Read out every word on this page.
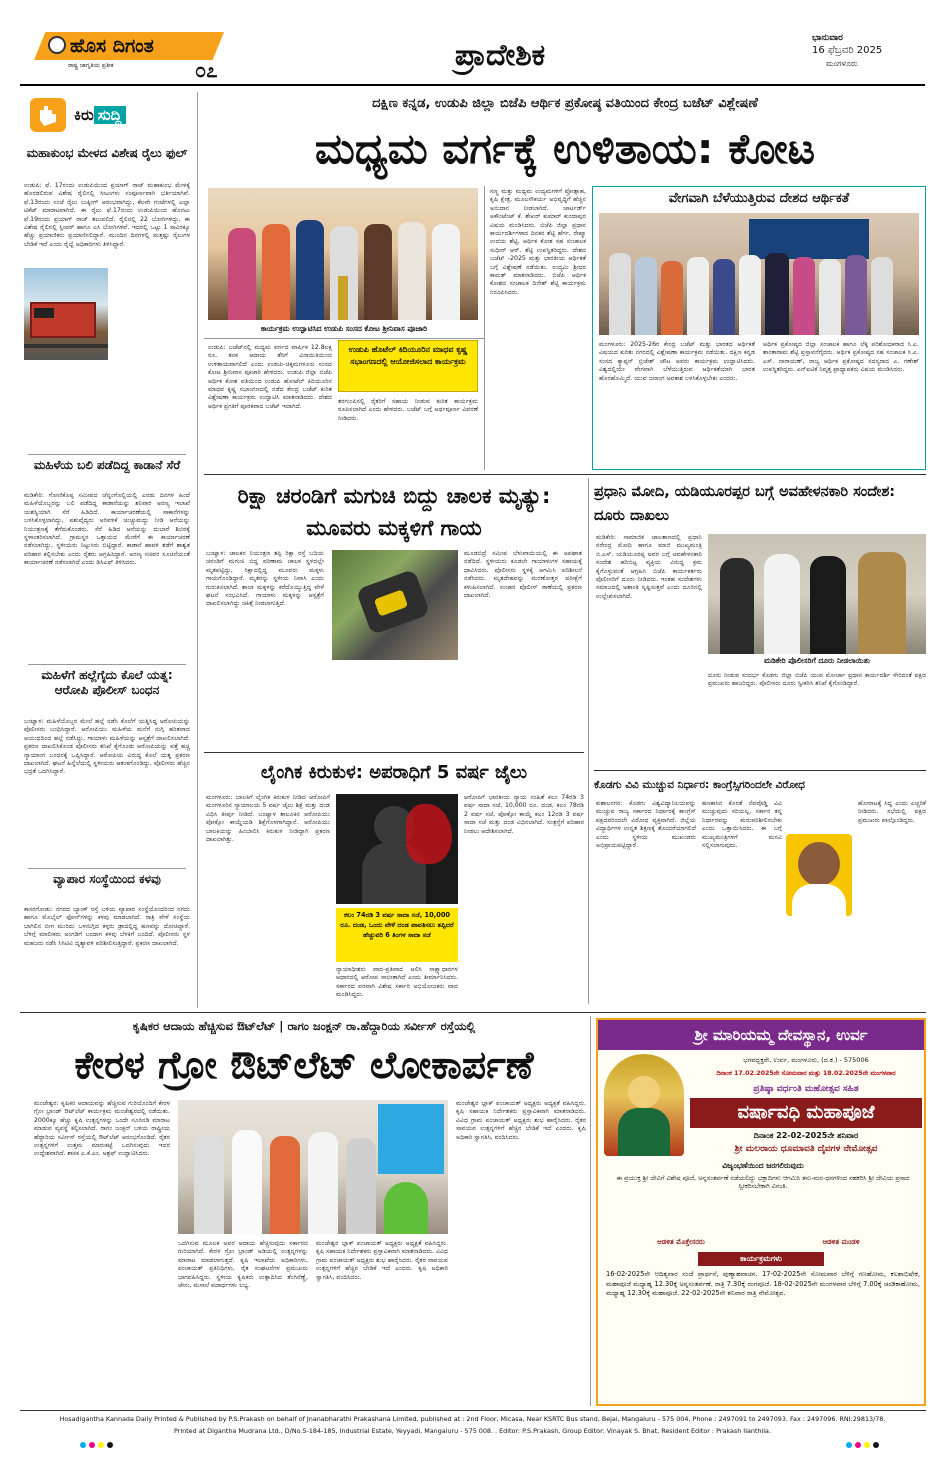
ಹೊಸ ದಿಗಂತ
ರಾಷ್ಟ್ರ ಜಾಗೃತಿಯ ಪ್ರತೀಕ	೦೭	ಪ್ರಾದೇಶಿಕ	ಭಾನುವಾರ
16 ಫೆಬ್ರವರಿ 2025
ಮಂಗಳೂರು
ಕಿರು ಸುದ್ದಿ
ಮಹಾಕುಂಭ ಮೇಳದ ವಿಶೇಷ ರೈಲು ಫುಲ್
ಉಡುಪಿ: ಫೆ. 17ರಂದು ಉಡುಪಿಯಿಂದ ಪ್ರಯಾಗ್ ರಾಜ್ ಮಹಾಕುಂಭ ಮೇಳಕ್ಕೆ ಹೊರಡಲಿರುವ ವಿಶೇಷ ರೈಲಿನಲ್ಲಿ ಸೀಟುಗಳು ಸಂಪೂರ್ಣವಾಗಿ ಭರ್ತಿಯಾಗಿವೆ. ಫೆ.13ರಂದು ಸಂಜೆ ರೈಲು ಬುಕ್ಕಿಂಗ್ ಆರಂಭವಾಗಿದ್ದು, ಕೆಲವೇ ಗಂಟೆಗಳಲ್ಲಿ ಎಲ್ಲಾ ಟಿಕೆಟ್ ಮಾರಾಟವಾಗಿದೆ. ಈ ರೈಲು ಫೆ.17ರಂದು ಉಡುಪಿಯಿಂದ ಹೊರಟು ಫೆ.19ರಂದು ಪ್ರಯಾಗ್ ರಾಜ್ ತಲುಪಲಿದೆ. ರೈಲಿನಲ್ಲಿ 22 ಬೋಗಿಗಳಿದ್ದು, ಈ ವಿಶೇಷ ರೈಲಿನಲ್ಲಿ ಸ್ಲೀಪರ್ ಹಾಗೂ ಎಸಿ ಬೋಗಿಗಳಿವೆ. ಇದರಲ್ಲಿ ಒಟ್ಟು 1 ಸಾವಿರಕ್ಕೂ ಹೆಚ್ಚು ಪ್ರಯಾಣಿಕರು ಪ್ರಯಾಣಿಸಲಿದ್ದಾರೆ. ಮುಂದಿನ ದಿನಗಳಲ್ಲಿ ಮತ್ತಷ್ಟು ರೈಲುಗಳ ಬೇಡಿಕೆ ಇದೆ ಎಂದು ರೈಲ್ವೆ ಅಧಿಕಾರಿಗಳು ತಿಳಿಸಿದ್ದಾರೆ.
ಮಹಿಳೆಯ ಬಲಿ ಪಡೆದಿದ್ದ ಕಾಡಾನೆ ಸೆರೆ
ಮಡಿಕೇರಿ: ಗೋಣಿಕೊಪ್ಪ ಸಮೀಪದ ಚೆನ್ನಂಗೊಲ್ಲಿಯಲ್ಲಿ ಎರಡು ದಿನಗಳ ಹಿಂದೆ ಮಹಿಳೆಯೊಬ್ಬರನ್ನು ಬಲಿ ಪಡೆದಿದ್ದ ಕಾಡಾನೆಯನ್ನು ಶನಿವಾರ ಅರಣ್ಯ ಇಲಾಖೆ ಯಶಸ್ವಿಯಾಗಿ ಸೆರೆ ಹಿಡಿದಿದೆ. ಕಾರ್ಯಾಚರಣೆಯಲ್ಲಿ ಸಾಕಾನೆಗಳನ್ನು ಬಳಸಿಕೊಳ್ಳಲಾಗಿದ್ದು, ಪಶುವೈದ್ಯರು ಅರಿವಳಿಕೆ ಚುಚ್ಚುಮದ್ದು ನೀಡಿ ಆನೆಯನ್ನು ನಿಯಂತ್ರಣಕ್ಕೆ ತೆಗೆದುಕೊಂಡರು. ಸೆರೆ ಹಿಡಿದ ಆನೆಯನ್ನು ದುಬಾರೆ ಶಿಬಿರಕ್ಕೆ ಸ್ಥಳಾಂತರಿಸಲಾಗಿದೆ. ಗ್ರಾಮಸ್ಥರ ಒತ್ತಾಯದ ಮೇರೆಗೆ ಈ ಕಾರ್ಯಾಚರಣೆ ನಡೆಸಲಾಗಿದ್ದು, ಸ್ಥಳೀಯರು ನಿಟ್ಟುಸಿರು ಬಿಟ್ಟಿದ್ದಾರೆ. ಕಾಡಾನೆ ಹಾವಳಿ ತಡೆಗೆ ಶಾಶ್ವತ ಪರಿಹಾರ ಕಲ್ಪಿಸಬೇಕು ಎಂದು ರೈತರು ಆಗ್ರಹಿಸಿದ್ದಾರೆ. ಅರಣ್ಯ ಸಚಿವರ ಸೂಚನೆಯಂತೆ ಕಾರ್ಯಾಚರಣೆ ನಡೆಸಲಾಗಿದೆ ಎಂದು ಡಿಸಿಎಫ್ ತಿಳಿಸಿದರು.
ಮಹಿಳೆಗೆ ಹಲ್ಲೆಗೈದು ಕೊಲೆ ಯತ್ನ: ಆರೋಪಿ ಪೊಲೀಸ್ ಬಂಧನ
ಬಂಟ್ವಾಳ: ಮಹಿಳೆಯೊಬ್ಬರ ಮೇಲೆ ಹಲ್ಲೆ ನಡೆಸಿ ಕೊಲೆಗೆ ಯತ್ನಿಸಿದ್ದ ಆರೋಪಿಯನ್ನು ಪೊಲೀಸರು ಬಂಧಿಸಿದ್ದಾರೆ. ಆರೋಪಿಯು ಮಹಿಳೆಯ ಮನೆಗೆ ನುಗ್ಗಿ ಹರಿತವಾದ ಆಯುಧದಿಂದ ಹಲ್ಲೆ ನಡೆಸಿದ್ದು, ಗಾಯಾಳು ಮಹಿಳೆಯನ್ನು ಆಸ್ಪತ್ರೆಗೆ ದಾಖಲಿಸಲಾಗಿದೆ. ಪ್ರಕರಣ ದಾಖಲಿಸಿಕೊಂಡ ಪೊಲೀಸರು ತನಿಖೆ ಕೈಗೊಂಡು ಆರೋಪಿಯನ್ನು ಪತ್ತೆ ಹಚ್ಚಿ ನ್ಯಾಯಾಂಗ ಬಂಧನಕ್ಕೆ ಒಪ್ಪಿಸಿದ್ದಾರೆ. ಆರೋಪಿಯ ವಿರುದ್ಧ ಕೊಲೆ ಯತ್ನ ಪ್ರಕರಣ ದಾಖಲಾಗಿದೆ. ಘಟನೆ ಹಿನ್ನೆಲೆಯಲ್ಲಿ ಸ್ಥಳೀಯರು ಆತಂಕಗೊಂಡಿದ್ದು, ಪೊಲೀಸರು ಹೆಚ್ಚಿನ ಭದ್ರತೆ ಒದಗಿಸಿದ್ದಾರೆ.
ವ್ಯಾಪಾರ ಸಂಸ್ಥೆಯಿಂದ ಕಳವು
ಕಾಸರಗೋಡು: ನಗರದ ಬ್ಯಾಂಕ್ ರಸ್ತೆ ಬಳಿಯ ವ್ಯಾಪಾರ ಸಂಸ್ಥೆಯೊಂದರಿಂದ ನಗದು ಹಾಗೂ ಮೊಬೈಲ್ ಫೋನ್‌ಗಳನ್ನು ಕಳವು ಮಾಡಲಾಗಿದೆ. ರಾತ್ರಿ ವೇಳೆ ಸಂಸ್ಥೆಯ ಬಾಗಿಲಿನ ಬೀಗ ಮುರಿದು ಒಳನುಗ್ಗಿದ ಕಳ್ಳರು ಡ್ರಾದಲ್ಲಿದ್ದ ಹಣವನ್ನು ದೋಚಿದ್ದಾರೆ. ಬೆಳಿಗ್ಗೆ ಮಾಲೀಕರು ಅಂಗಡಿಗೆ ಬಂದಾಗ ಕಳವು ಬೆಳಕಿಗೆ ಬಂದಿದೆ. ಪೊಲೀಸರು ಸ್ಥಳ ಮಹಜರು ನಡೆಸಿ ಸಿಸಿಟಿವಿ ದೃಶ್ಯಾವಳಿ ಪರಿಶೀಲಿಸುತ್ತಿದ್ದಾರೆ. ಪ್ರಕರಣ ದಾಖಲಾಗಿದೆ.
ದಕ್ಷಿಣ ಕನ್ನಡ, ಉಡುಪಿ ಜಿಲ್ಲಾ ಬಿಜೆಪಿ ಆರ್ಥಿಕ ಪ್ರಕೋಷ್ಠ ವತಿಯಿಂದ ಕೇಂದ್ರ ಬಜೆಟ್ ವಿಶ್ಲೇಷಣೆ
ಮಧ್ಯಮ ವರ್ಗಕ್ಕೆ ಉಳಿತಾಯ: ಕೋಟ
ಕಾರ್ಯಕ್ರಮ ಉದ್ಘಾಟಿಸಿದ ಉಡುಪಿ ಸಂಸದ ಕೋಟ ಶ್ರೀನಿವಾಸ ಪೂಜಾರಿ
ಉಡುಪಿ: ಬಜೆಟ್‌ನಲ್ಲಿ ಮಧ್ಯಮ ವರ್ಗದ ವಾರ್ಷಿಕ 12.8ಲಕ್ಷ ರೂ. ತನಕ ಆದಾಯ ತೆರಿಗೆ ವಿನಾಯಿತಿಯಿಂದ ಉಳಿತಾಯವಾಗಲಿದೆ ಎಂದು ಉಡುಪಿ-ಚಿಕ್ಕಮಗಳೂರು ಸಂಸದ ಕೋಟ ಶ್ರೀನಿವಾಸ ಪೂಜಾರಿ ಹೇಳಿದರು. ಉಡುಪಿ ಜಿಲ್ಲಾ ಬಿಜೆಪಿ ಆರ್ಥಿಕ ಕೋಶ ವತಿಯಿಂದ ಉಡುಪಿ ಹೋಟೆಲ್ ಕಿದಿಯೂರಿನ ಮಾಧವ ಕೃಷ್ಣ ಸಭಾಂಗಣದಲ್ಲಿ ನಡೆದ ಕೇಂದ್ರ ಬಜೆಟ್ ಕುರಿತ ವಿಶ್ಲೇಷಣಾ ಕಾರ್ಯಕ್ರಮ ಉದ್ಘಾಟಿಸಿ ಮಾತನಾಡಿದರು. ದೇಶದ ಆರ್ಥಿಕ ಪ್ರಗತಿಗೆ ಪೂರಕವಾದ ಬಜೆಟ್ ಇದಾಗಿದೆ.
ಉಡುಪಿ ಹೊಟೆಲ್ ಕಿದಿಯೂರಿನ ಮಾಧವ ಕೃಷ್ಣ ಸಭಾಂಗಣದಲ್ಲಿ ಆಯೋಜಿಸಲಾದ ಕಾರ್ಯಕ್ರಮ
ತರಗುಂಪಿನಲ್ಲಿ ರೈತರಿಗೆ ಸಹಾಯ ನೀಡುವ ಕುರಿತ ಕಾರ್ಯಕ್ರಮ ರೂಪಿಸಲಾಗಿದೆ ಎಂದು ಹೇಳಿದರು. ಬಜೆಟ್ ಬಗ್ಗೆ ಅರ್ಥಪೂರ್ಣ ವಿವರಣೆ ನೀಡಿದರು.
ಸಣ್ಣ ಮತ್ತು ಮಧ್ಯಮ ಉದ್ಯಮಗಳಿಗೆ ಪ್ರೋತ್ಸಾಹ, ಕೃಷಿ ಕ್ಷೇತ್ರ, ಮೂಲಸೌಕರ್ಯ ಅಭಿವೃದ್ಧಿಗೆ ಹೆಚ್ಚಿನ ಅನುದಾನ ನೀಡಲಾಗಿದೆ. ಚಾರ್ಟರ್ಡ್ ಅಕೌಂಟೆಂಟ್ ಕೆ. ಶೇಖರ್ ಕುಮಾರ್ ಕುಂದಾಪುರ ವಿಷಯ ಮಂಡಿಸಿದರು. ಬಿಜೆಪಿ ಜಿಲ್ಲಾ ಪ್ರಧಾನ ಕಾರ್ಯದರ್ಶಿಗಳಾದ ದಿನಕರ ಶೆಟ್ಟಿ ಹೆರ್ಗ, ರೇಷ್ಮಾ ಉದಯ ಶೆಟ್ಟಿ, ಆರ್ಥಿಕ ಕೋಶ ಸಹ ಸಂಚಾಲಕ ಸುಧೀರ್ ಆರ್. ಶೆಟ್ಟಿ ಉಪಸ್ಥಿತರಿದ್ದರು. ದೇಶದ ಬಜೆಟ್ -2025 ಮತ್ತು ಭಾರತೀಯ ಆರ್ಥಿಕತೆ ಬಗ್ಗೆ ವಿಶ್ಲೇಷಣೆ ನಡೆಯಿತು. ಉದ್ಯಮಿ ಶ್ರೀಧರ ಕಾಮತ್ ಮಾತನಾಡಿದರು. ಬಿಜೆಪಿ ಆರ್ಥಿಕ ಕೋಶದ ಸಂಚಾಲಕ ದಿನೇಶ್ ಶೆಟ್ಟಿ ಕಾರ್ಯಕ್ರಮ ನಿರೂಪಿಸಿದರು.
ವೇಗವಾಗಿ ಬೆಳೆಯುತ್ತಿರುವ ದೇಶದ ಆರ್ಥಿಕತೆ
ಮಂಗಳೂರು: 2025-26ರ ಕೇಂದ್ರ ಬಜೆಟ್ ಮತ್ತು ಭಾರತದ ಆರ್ಥಿಕತೆ ವಿಷಯದ ಕುರಿತು ನಗರದಲ್ಲಿ ವಿಶ್ಲೇಷಣಾ ಕಾರ್ಯಕ್ರಮ ನಡೆಯಿತು. ದಕ್ಷಿಣ ಕನ್ನಡ ಸಂಸದ ಕ್ಯಾಪ್ಟನ್ ಬ್ರಿಜೇಶ್ ಚೌಟ ಅವರು ಕಾರ್ಯಕ್ರಮ ಉದ್ಘಾಟಿಸಿದರು. ವಿಶ್ವದಲ್ಲಿಯೇ ವೇಗವಾಗಿ ಬೆಳೆಯುತ್ತಿರುವ ಆರ್ಥಿಕತೆಯಾಗಿ ಭಾರತ ಹೊರಹೊಮ್ಮಿದೆ. ಯುವ ಜನಾಂಗ ಅವಕಾಶ ಬಳಸಿಕೊಳ್ಳಬೇಕು ಎಂದರು.
ಆರ್ಥಿಕ ಪ್ರಕೋಷ್ಠದ ಜಿಲ್ಲಾ ಸಂಚಾಲಕ ಹಾಗೂ ಲೆಕ್ಕ ಪರಿಶೋಧಕರಾದ ಸಿ.ಎ. ಶಾಂತಾರಾಮ ಶೆಟ್ಟಿ ಪ್ರಸ್ತಾವನೆಗೈದರು. ಆರ್ಥಿಕ ಪ್ರಕೋಷ್ಠದ ಸಹ ಸಂಚಾಲಕ ಸಿ.ಎ. ಎಸ್. ನಾರಾಯಣ್, ರಾಜ್ಯ ಆರ್ಥಿಕ ಪ್ರಕೋಷ್ಠದ ಸದಸ್ಯರಾದ ಎ. ಗಣೇಶ್ ಉಪಸ್ಥಿತರಿದ್ದರು. ಎನ್‌ಐಟಿಕೆ ನಿವೃತ್ತ ಪ್ರಾಧ್ಯಾಪಕರು ವಿಷಯ ಮಂಡಿಸಿದರು.
ರಿಕ್ಷಾ ಚರಂಡಿಗೆ ಮಗುಚಿ ಬಿದ್ದು ಚಾಲಕ ಮೃತ್ಯು: ಮೂವರು ಮಕ್ಕಳಿಗೆ ಗಾಯ
ಬಂಟ್ವಾಳ: ಚಾಲಕನ ನಿಯಂತ್ರಣ ತಪ್ಪಿ ರಿಕ್ಷಾ ರಸ್ತೆ ಬದಿಯ ಚರಂಡಿಗೆ ಮಗುಚಿ ಬಿದ್ದ ಪರಿಣಾಮ ಚಾಲಕ ಸ್ಥಳದಲ್ಲೇ ಮೃತಪಟ್ಟಿದ್ದು, ರಿಕ್ಷಾದಲ್ಲಿದ್ದ ಮೂವರು ಮಕ್ಕಳು ಗಾಯಗೊಂಡಿದ್ದಾರೆ. ಮೃತರನ್ನು ಸ್ಥಳೀಯ ನಿವಾಸಿ ಎಂದು ಗುರುತಿಸಲಾಗಿದೆ. ಶಾಲಾ ಮಕ್ಕಳನ್ನು ಕರೆದೊಯ್ಯುತ್ತಿದ್ದ ವೇಳೆ ಘಟನೆ ಸಂಭವಿಸಿದೆ. ಗಾಯಾಳು ಮಕ್ಕಳನ್ನು ಆಸ್ಪತ್ರೆಗೆ ದಾಖಲಿಸಲಾಗಿದ್ದು ಚಿಕಿತ್ಸೆ ನೀಡಲಾಗುತ್ತಿದೆ.
ಮೂಡಬಿದ್ರೆ ಸಮೀಪ ಬೆಳುವಾಯಿಯಲ್ಲಿ ಈ ಅಪಘಾತ ನಡೆದಿದೆ. ಸ್ಥಳೀಯರು ಕೂಡಲೇ ಗಾಯಾಳುಗಳ ಸಹಾಯಕ್ಕೆ ಧಾವಿಸಿದರು. ಪೊಲೀಸರು ಸ್ಥಳಕ್ಕೆ ಆಗಮಿಸಿ ಪರಿಶೀಲನೆ ನಡೆಸಿದರು. ಮೃತದೇಹವನ್ನು ಮರಣೋತ್ತರ ಪರೀಕ್ಷೆಗೆ ಕಳುಹಿಸಲಾಗಿದೆ. ಸಂಚಾರ ಪೊಲೀಸ್ ಠಾಣೆಯಲ್ಲಿ ಪ್ರಕರಣ ದಾಖಲಾಗಿದೆ.
ಪ್ರಧಾನಿ ಮೋದಿ, ಯಡಿಯೂರಪ್ಪರ ಬಗ್ಗೆ ಅವಹೇಳನಕಾರಿ ಸಂದೇಶ: ದೂರು ದಾಖಲು
ಮಡಿಕೇರಿ: ಸಾಮಾಜಿಕ ಜಾಲತಾಣದಲ್ಲಿ ಪ್ರಧಾನಿ ನರೇಂದ್ರ ಮೋದಿ ಹಾಗೂ ಮಾಜಿ ಮುಖ್ಯಮಂತ್ರಿ ಬಿ.ಎಸ್. ಯಡಿಯೂರಪ್ಪ ಅವರ ಬಗ್ಗೆ ಅವಹೇಳನಕಾರಿ ಸಂದೇಶ ಹರಿಬಿಟ್ಟ ವ್ಯಕ್ತಿಯ ವಿರುದ್ಧ ಕ್ರಮ ಕೈಗೊಳ್ಳುವಂತೆ ಆಗ್ರಹಿಸಿ ಬಿಜೆಪಿ ಕಾರ್ಯಕರ್ತರು ಪೊಲೀಸರಿಗೆ ದೂರು ನೀಡಿದರು. ಇಂತಹ ಸಂದೇಶಗಳು ಸಮಾಜದಲ್ಲಿ ಅಶಾಂತಿ ಸೃಷ್ಟಿಸುತ್ತವೆ ಎಂದು ದೂರಿನಲ್ಲಿ ಉಲ್ಲೇಖಿಸಲಾಗಿದೆ.
ಮಡಿಕೇರಿ ಪೊಲೀಸರಿಗೆ ದೂರು ನೀಡಲಾಯಿತು
ದೂರು ನೀಡುವ ಸಂದರ್ಭ ಕೊಡಗು ಜಿಲ್ಲಾ ಬಿಜೆಪಿ ಯುವ ಮೋರ್ಚಾ ಪ್ರಧಾನ ಕಾರ್ಯದರ್ಶಿ ಸೇರಿದಂತೆ ಪಕ್ಷದ ಪ್ರಮುಖರು ಹಾಜರಿದ್ದರು. ಪೊಲೀಸರು ದೂರು ಸ್ವೀಕರಿಸಿ ತನಿಖೆ ಕೈಗೊಂಡಿದ್ದಾರೆ.
ಲೈಂಗಿಕ ಕಿರುಕುಳ: ಅಪರಾಧಿಗೆ 5 ವರ್ಷ ಜೈಲು
ಮಂಗಳೂರು: ಬಾಲಕಿಗೆ ಲೈಂಗಿಕ ಕಿರುಕುಳ ನೀಡಿದ ಆರೋಪಿಗೆ ಮಂಗಳೂರಿನ ನ್ಯಾಯಾಲಯ 5 ವರ್ಷ ಜೈಲು ಶಿಕ್ಷೆ ಮತ್ತು ದಂಡ ವಿಧಿಸಿ ತೀರ್ಪು ನೀಡಿದೆ. ಬಂಟ್ವಾಳ ತಾಲೂಕಿನ ಆರೋಪಿಯು ಪೋಕ್ಸೋ ಕಾಯ್ದೆಯಡಿ ಶಿಕ್ಷೆಗೊಳಗಾಗಿದ್ದಾನೆ. ಆರೋಪಿಯು ಬಾಲಕಿಯನ್ನು ಹಿಂಬಾಲಿಸಿ ಕಿರುಕುಳ ನೀಡಿದ್ದಾಗಿ ಪ್ರಕರಣ ದಾಖಲಾಗಿತ್ತು.
ಕಲಂ 74ರಡಿ 3 ವರ್ಷ ಸಾದಾ ಸಜೆ, 10,000 ರೂ. ದಂಡ, ಒಂದು ವೇಳೆ ದಂಡ ಪಾವತಿಸಲು ತಪ್ಪಿದರೆ ಹೆಚ್ಚುವರಿ 6 ತಿಂಗಳ ಸಾದಾ ಸಜೆ
ನ್ಯಾಯಾಧೀಶರು ವಾದ-ಪ್ರತಿವಾದ ಆಲಿಸಿ ಸಾಕ್ಷ್ಯಾಧಾರಗಳ ಆಧಾರದಲ್ಲಿ ಆರೋಪ ಸಾಬೀತಾಗಿದೆ ಎಂದು ತೀರ್ಮಾನಿಸಿದರು. ಸರ್ಕಾರದ ಪರವಾಗಿ ವಿಶೇಷ ಸರ್ಕಾರಿ ಅಭಿಯೋಜಕರು ವಾದ ಮಂಡಿಸಿದ್ದರು.
ಆರೋಪಿಗೆ ಭಾರತೀಯ ನ್ಯಾಯ ಸಂಹಿತೆ ಕಲಂ 74ರಡಿ 3 ವರ್ಷ ಸಾದಾ ಸಜೆ, 10,000 ರೂ. ದಂಡ, ಕಲಂ 78ರಡಿ 2 ವರ್ಷ ಸಜೆ, ಪೋಕ್ಸೋ ಕಾಯ್ದೆ ಕಲಂ 12ರಡಿ 3 ವರ್ಷ ಸಾದಾ ಸಜೆ ಮತ್ತು ದಂಡ ವಿಧಿಸಲಾಗಿದೆ. ಸಂತ್ರಸ್ತೆಗೆ ಪರಿಹಾರ ನೀಡಲು ಆದೇಶಿಸಲಾಗಿದೆ.
ಕೊಡಗು ವಿವಿ ಮುಚ್ಚುವ ನಿರ್ಧಾರ: ಕಾಂಗ್ರೆಸ್ಸಿಗರಿಂದಲೇ ವಿರೋಧ
ಕುಶಾಲನಗರ: ಕೊಡಗು ವಿಶ್ವವಿದ್ಯಾನಿಲಯವನ್ನು ಮುಚ್ಚುವ ರಾಜ್ಯ ಸರ್ಕಾರದ ನಿರ್ಧಾರಕ್ಕೆ ಕಾಂಗ್ರೆಸ್ ಪಕ್ಷದವರಿಂದಲೇ ವಿರೋಧ ವ್ಯಕ್ತವಾಗಿದೆ. ಜಿಲ್ಲೆಯ ವಿದ್ಯಾರ್ಥಿಗಳ ಉನ್ನತ ಶಿಕ್ಷಣಕ್ಕೆ ತೊಂದರೆಯಾಗಲಿದೆ ಎಂದು ಸ್ಥಳೀಯ ಮುಖಂಡರು ಅಭಿಪ್ರಾಯಪಟ್ಟಿದ್ದಾರೆ.
ಹಣಕಾಸಿನ ಕೊರತೆ ನೆಪವೊಡ್ಡಿ ವಿವಿ ಮುಚ್ಚುವುದು ಸರಿಯಲ್ಲ. ಸರ್ಕಾರ ತನ್ನ ನಿರ್ಧಾರವನ್ನು ಮರುಪರಿಶೀಲಿಸಬೇಕು ಎಂದು ಒತ್ತಾಯಿಸಿದರು. ಈ ಬಗ್ಗೆ ಮುಖ್ಯಮಂತ್ರಿಗಳಿಗೆ ಮನವಿ ಸಲ್ಲಿಸಲಾಗುವುದು.
ಹೋರಾಟಕ್ಕೆ ಸಿದ್ಧ ಎಂದು ಎಚ್ಚರಿಕೆ ನೀಡಿದರು. ಸಭೆಯಲ್ಲಿ ಪಕ್ಷದ ಪ್ರಮುಖರು ಪಾಲ್ಗೊಂಡಿದ್ದರು.
ಕೃಷಿಕರ ಆದಾಯ ಹೆಚ್ಚಿಸುವ ಔಟ್‌ಲೆಟ್ | ರಾಗಂ ಜಂಕ್ಷನ್ ರಾ.ಹೆದ್ದಾರಿಯ ಸರ್ವೀಸ್ ರಸ್ತೆಯಲ್ಲಿ
ಕೇರಳ ಗ್ರೋ ಔಟ್‌ಲೆಟ್ ಲೋಕಾರ್ಪಣೆ
ಮಂಜೇಶ್ವರ: ಕೃಷಿಕರ ಆದಾಯವನ್ನು ಹೆಚ್ಚಿಸುವ ಗುರಿಯೊಂದಿಗೆ ಕೇರಳ ಗ್ರೋ ಬ್ರಾಂಡ್ ಔಟ್‌ಲೆಟ್ ಕಾರ್ಯಕ್ರಮ ಮಂಜೇಶ್ವರದಲ್ಲಿ ನಡೆಯಿತು. 2000ಕ್ಕೂ ಹೆಚ್ಚು ಕೃಷಿ ಉತ್ಪನ್ನಗಳನ್ನು ಒಂದೇ ಸೂರಿನಡಿ ಮಾರಾಟ ಮಾಡುವ ವ್ಯವಸ್ಥೆ ಕಲ್ಪಿಸಲಾಗಿದೆ. ರಾಗಂ ಜಂಕ್ಷನ್ ಬಳಿಯ ರಾಷ್ಟ್ರೀಯ ಹೆದ್ದಾರಿಯ ಸರ್ವೀಸ್ ರಸ್ತೆಯಲ್ಲಿ ಔಟ್‌ಲೆಟ್ ಆರಂಭಗೊಂಡಿದೆ. ರೈತರ ಉತ್ಪನ್ನಗಳಿಗೆ ಉತ್ತಮ ಮಾರುಕಟ್ಟೆ ಒದಗಿಸುವುದು ಇದರ ಉದ್ದೇಶವಾಗಿದೆ. ಶಾಸಕ ಎ.ಕೆ.ಎಂ. ಅಶ್ರಫ್ ಉದ್ಘಾಟಿಸಿದರು.
ಒದಗಿಸುವ ಮೂಲಕ ಅವರ ಆದಾಯ ಹೆಚ್ಚಿಸುವುದು ಸರ್ಕಾರದ ಗುರಿಯಾಗಿದೆ. ಕೇರಳ ಗ್ರೋ ಬ್ರಾಂಡ್ ಅಡಿಯಲ್ಲಿ ಉತ್ಪನ್ನಗಳನ್ನು ಮಾರಾಟ ಮಾಡಲಾಗುತ್ತದೆ. ಕೃಷಿ ಇಲಾಖೆಯ ಅಧಿಕಾರಿಗಳು, ಪಂಚಾಯತ್ ಪ್ರತಿನಿಧಿಗಳು, ರೈತ ಸಂಘಟನೆಗಳ ಪ್ರಮುಖರು ಭಾಗವಹಿಸಿದ್ದರು. ಸ್ಥಳೀಯ ಕೃಷಿಕರು ಉತ್ಪಾದಿಸಿದ ತೆಂಗಿನೆಣ್ಣೆ, ಜೇನು, ಮಸಾಲೆ ಪದಾರ್ಥಗಳು ಲಭ್ಯ.
ಮಂಜೇಶ್ವರ ಬ್ಲಾಕ್ ಪಂಚಾಯತ್ ಅಧ್ಯಕ್ಷರು ಅಧ್ಯಕ್ಷತೆ ವಹಿಸಿದ್ದರು. ಕೃಷಿ ಸಹಾಯಕ ನಿರ್ದೇಶಕರು ಪ್ರಸ್ತಾವಿಕವಾಗಿ ಮಾತನಾಡಿದರು. ವಿವಿಧ ಗ್ರಾಮ ಪಂಚಾಯತ್ ಅಧ್ಯಕ್ಷರು ಶುಭ ಹಾರೈಸಿದರು. ರೈತರ ಸಾವಯವ ಉತ್ಪನ್ನಗಳಿಗೆ ಹೆಚ್ಚಿನ ಬೇಡಿಕೆ ಇದೆ ಎಂದರು. ಕೃಷಿ ಅಧಿಕಾರಿ ಸ್ವಾಗತಿಸಿ, ವಂದಿಸಿದರು.
ಮಂಜೇಶ್ವರ ಬ್ಲಾಕ್ ಪಂಚಾಯತ್ ಅಧ್ಯಕ್ಷರು ಅಧ್ಯಕ್ಷತೆ ವಹಿಸಿದ್ದರು. ಕೃಷಿ ಸಹಾಯಕ ನಿರ್ದೇಶಕರು ಪ್ರಸ್ತಾವಿಕವಾಗಿ ಮಾತನಾಡಿದರು. ವಿವಿಧ ಗ್ರಾಮ ಪಂಚಾಯತ್ ಅಧ್ಯಕ್ಷರು ಶುಭ ಹಾರೈಸಿದರು. ರೈತರ ಸಾವಯವ ಉತ್ಪನ್ನಗಳಿಗೆ ಹೆಚ್ಚಿನ ಬೇಡಿಕೆ ಇದೆ ಎಂದರು. ಕೃಷಿ ಅಧಿಕಾರಿ ಸ್ವಾಗತಿಸಿ, ವಂದಿಸಿದರು.
ಶ್ರೀ ಮಾರಿಯಮ್ಮ ದೇವಸ್ಥಾನ, ಉರ್ವ
ಭಗವದ್ಭಕ್ತರೇ, ಉರ್ವ, ಮಂಗಳೂರು, (ದ.ಕ.) - 575006
ದಿನಾಂಕ 17.02.2025ನೇ ಸೋಮವಾರ ಮತ್ತು 18.02.2025ನೇ ಮಂಗಳವಾರ
ಪ್ರತಿಷ್ಠಾ ವರ್ಧಂತಿ ಮಹೋತ್ಸವ ಸಹಿತ
ವರ್ಷಾವಧಿ ಮಹಾಪೂಜೆ
ದಿನಾಂಕ 22-02-2025ನೇ ಶನಿವಾರ
ಶ್ರೀ ಮಲರಾಯ ಧೂಮಾವತಿ ದೈವಗಳ ನೇಮೋತ್ಸವ
ವಿಜೃಂಭಣೆಯಿಂದ ಜರಗಲಿರುವುದು
ಈ ಪ್ರಯುಕ್ತ ಶ್ರೀ ದೇವಿಗೆ ವಿಶೇಷ ಪೂಜೆ, ಅನ್ನಸಂತರ್ಪಣೆ ನಡೆಯಲಿದ್ದು ಭಕ್ತಾದಿಗಳು ಆಗಮಿಸಿ ತನು-ಮನ-ಧನಗಳಿಂದ ಸಹಕರಿಸಿ ಶ್ರೀ ದೇವಿಯ ಪ್ರಸಾದ ಸ್ವೀಕರಿಸಬೇಕಾಗಿ ವಿನಂತಿ.
ಆಡಳಿತ ಮೊಕ್ತೇಸರರು	ಆಡಳಿತ ಮಂಡಳಿ
ಕಾರ್ಯಕ್ರಮಗಳು
16-02-2025ನೇ ಆದಿತ್ಯವಾರ ಸಂಜೆ ಪ್ರಾರ್ಥನೆ, ಪುಣ್ಯಾಹವಾಚನ. 17-02-2025ನೇ ಸೋಮವಾರ ಬೆಳಿಗ್ಗೆ ಗಣಹೋಮ, ಕಲಶಾಭಿಷೇಕ, ಮಹಾಪೂಜೆ ಮಧ್ಯಾಹ್ನ 12.30ಕ್ಕೆ ಅನ್ನಸಂತರ್ಪಣೆ. ರಾತ್ರಿ 7.30ಕ್ಕೆ ರಂಗಪೂಜೆ. 18-02-2025ನೇ ಮಂಗಳವಾರ ಬೆಳಿಗ್ಗೆ 7.00ಕ್ಕೆ ಚಂಡಿಕಾಹೋಮ, ಮಧ್ಯಾಹ್ನ 12.30ಕ್ಕೆ ಮಹಾಪೂಜೆ. 22-02-2025ನೇ ಶನಿವಾರ ರಾತ್ರಿ ನೇಮೋತ್ಸವ.
Hosadigantha Kannada Daily Printed & Published by P.S.Prakash on behalf of Jnanabharathi Prakashana Limited, published at : 2nd Floor, Micasa, Near KSRTC Bus stand, Bejai, Mangaluru - 575 004, Phone : 2497091 to 2497093. Fax : 2497096. RNI:29813/78.
Printed at Digantha Mudrana Ltd., D/No.5-184-185, Industrial Estate, Yeyyadi, Mangaluru - 575 008. . Editor: P.S.Prakash, Group Editor: Vinayak S. Bhat, Resident Editor : Prakash Ilanthila.
